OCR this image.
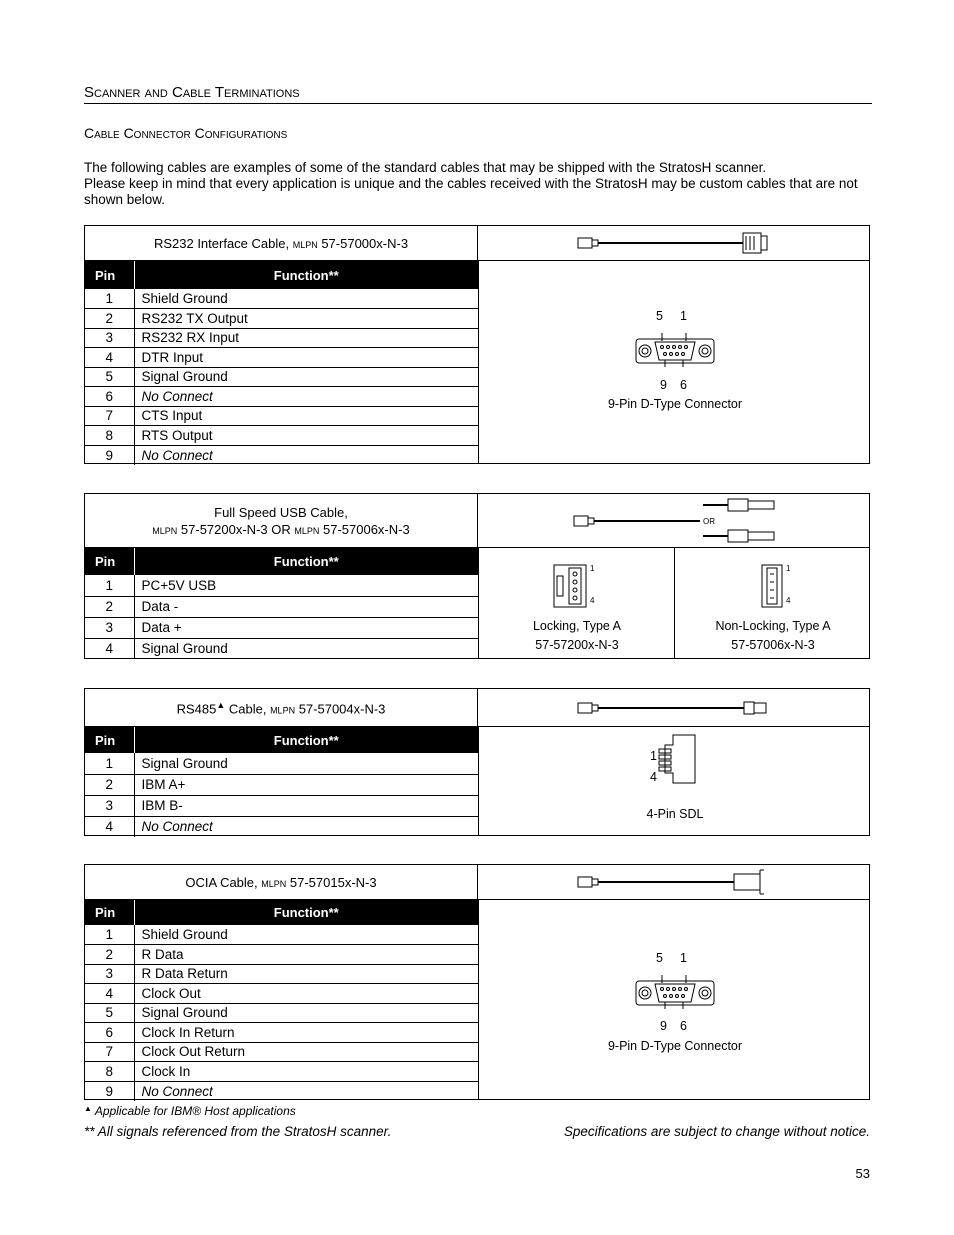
Scanner and Cable Terminations
Cable Connector Configurations
The following cables are examples of some of the standard cables that may be shipped with the StratosH scanner.
Please keep in mind that every application is unique and the cables received with the StratosH may be custom cables that are not shown below.
RS232 Interface Cable, mlpn 57-57000x-N-3
Pin	Function**
1	Shield Ground
2	RS232 TX Output
3	RS232 RX Input
4	DTR Input
5	Signal Ground
6	No Connect
7	CTS Input
8	RTS Output
9	No Connect
5 1
9 6
9-Pin D-Type Connector
Full Speed USB Cable,
mlpn 57-57200x-N-3 OR mlpn 57-57006x-N-3	OR
Pin	Function**
1	PC+5V USB
2	Data -
3	Data +
4	Signal Ground
1
4
Locking, Type A
57-57200x-N-3
1
4
Non-Locking, Type A
57-57006x-N-3
RS485▲ Cable, mlpn 57-57004x-N-3
Pin	Function**
1	Signal Ground
2	IBM A+
3	IBM B-
4	No Connect
1
4
4-Pin SDL
OCIA Cable, mlpn 57-57015x-N-3
Pin	Function**
1	Shield Ground
2	R Data
3	R Data Return
4	Clock Out
5	Signal Ground
6	Clock In Return
7	Clock Out Return
8	Clock In
9	No Connect
5 1
9 6
9-Pin D-Type Connector
▲ Applicable for IBM® Host applications
** All signals referenced from the StratosH scanner.	Specifications are subject to change without notice.
53
